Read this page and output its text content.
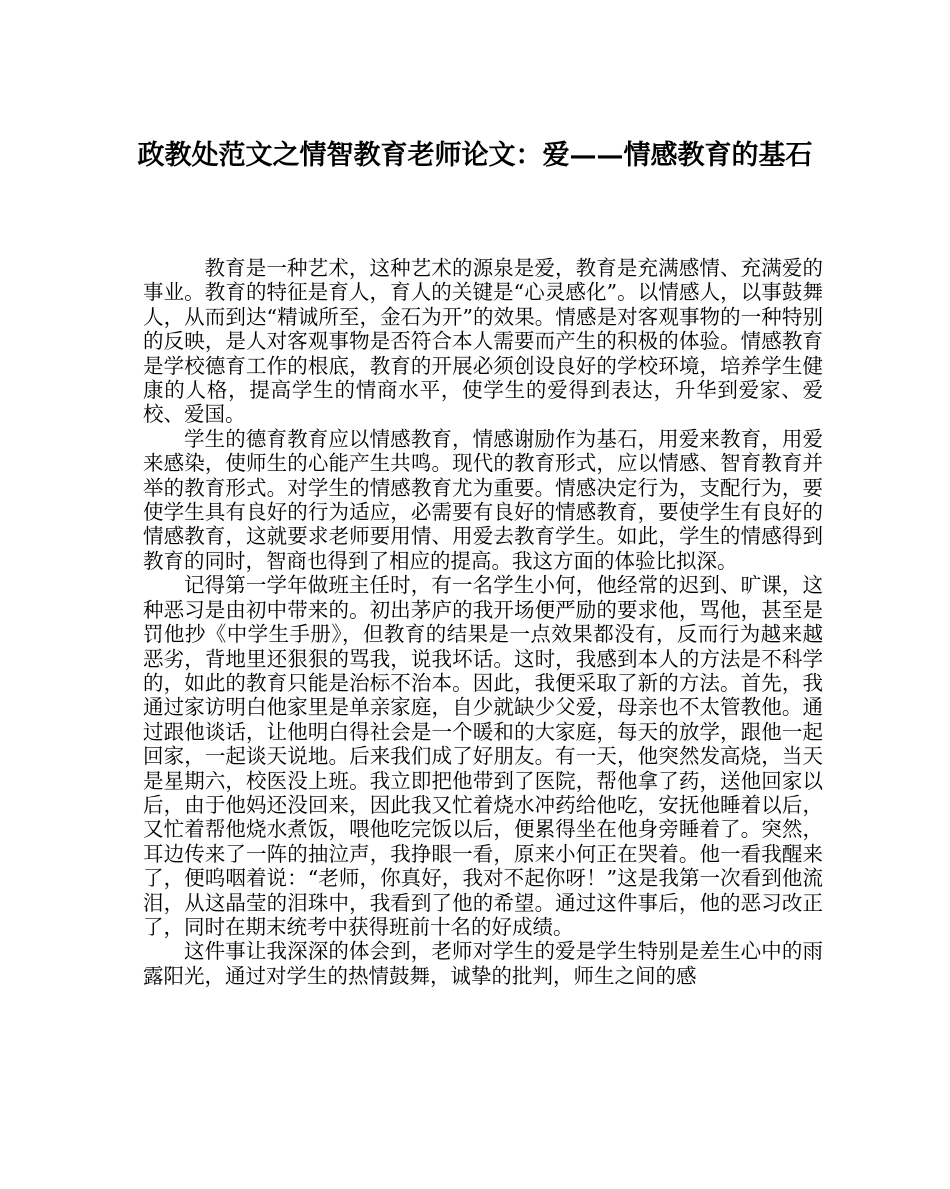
政教处范文之情智教育老师论文：爱——情感教育的基石

教育是一种艺术，这种艺术的源泉是爱，教育是充满感情、充满爱的事业。教育的特征是育人，育人的关键是“心灵感化”。以情感人，以事鼓舞人，从而到达“精诚所至，金石为开”的效果。情感是对客观事物的一种特别的反映，是人对客观事物是否符合本人需要而产生的积极的体验。情感教育是学校德育工作的根底，教育的开展必须创设良好的学校环境，培养学生健康的人格，提高学生的情商水平，使学生的爱得到表达，升华到爱家、爱校、爱国。

学生的德育教育应以情感教育，情感谢励作为基石，用爱来教育，用爱来感染，使师生的心能产生共鸣。现代的教育形式，应以情感、智育教育并举的教育形式。对学生的情感教育尤为重要。情感决定行为，支配行为，要使学生具有良好的行为适应，必需要有良好的情感教育，要使学生有良好的情感教育，这就要求老师要用情、用爱去教育学生。如此，学生的情感得到教育的同时，智商也得到了相应的提高。我这方面的体验比拟深。

记得第一学年做班主任时，有一名学生小何，他经常的迟到、旷课，这种恶习是由初中带来的。初出茅庐的我开场便严励的要求他，骂他，甚至是罚他抄《中学生手册》，但教育的结果是一点效果都没有，反而行为越来越恶劣，背地里还狠狠的骂我，说我坏话。这时，我感到本人的方法是不科学的，如此的教育只能是治标不治本。因此，我便采取了新的方法。首先，我通过家访明白他家里是单亲家庭，自少就缺少父爱，母亲也不太管教他。通过跟他谈话，让他明白得社会是一个暖和的大家庭，每天的放学，跟他一起回家，一起谈天说地。后来我们成了好朋友。有一天，他突然发高烧，当天是星期六，校医没上班。我立即把他带到了医院，帮他拿了药，送他回家以后，由于他妈还没回来，因此我又忙着烧水冲药给他吃，安抚他睡着以后，又忙着帮他烧水煮饭，喂他吃完饭以后，便累得坐在他身旁睡着了。突然，耳边传来了一阵的抽泣声，我挣眼一看，原来小何正在哭着。他一看我醒来了，便呜咽着说：“老师，你真好，我对不起你呀！”这是我第一次看到他流泪，从这晶莹的泪珠中，我看到了他的希望。通过这件事后，他的恶习改正了，同时在期末统考中获得班前十名的好成绩。

这件事让我深深的体会到，老师对学生的爱是学生特别是差生心中的雨露阳光，通过对学生的热情鼓舞，诚挚的批判，师生之间的感
